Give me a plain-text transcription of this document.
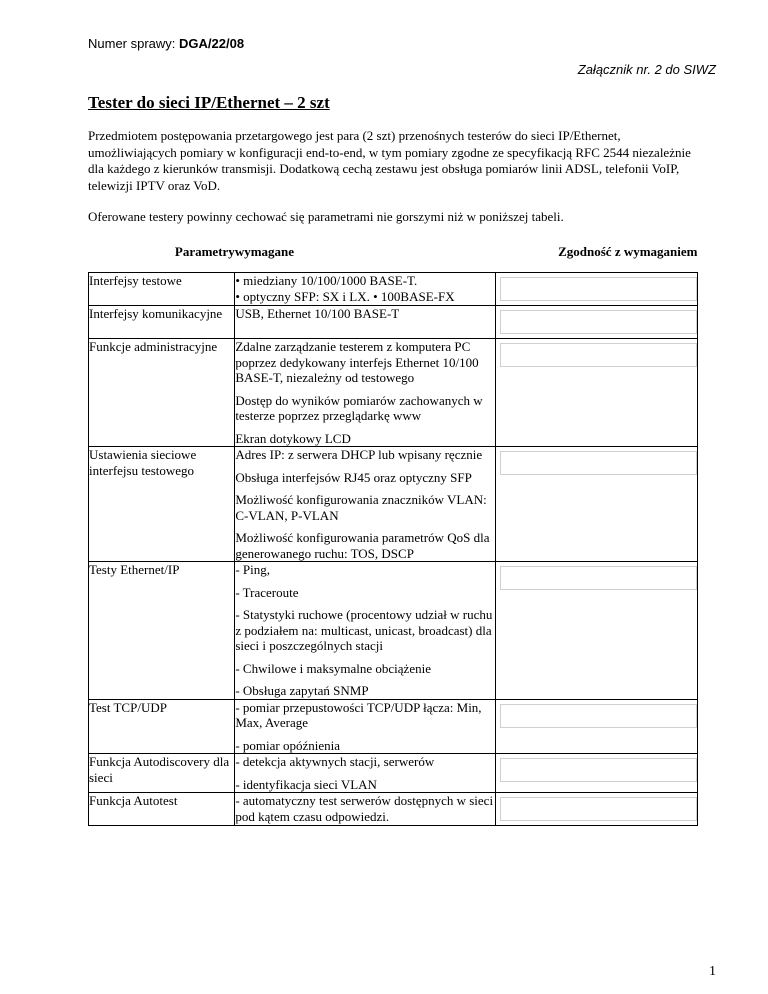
Numer sprawy: DGA/22/08
Załącznik nr. 2 do SIWZ
Tester do sieci IP/Ethernet – 2 szt

Przedmiotem postępowania przetargowego jest para (2 szt) przenośnych testerów do sieci IP/Ethernet, umożliwiających pomiary w konfiguracji end-to-end, w tym pomiary zgodne ze specyfikacją RFC 2544 niezależnie dla każdego z kierunków transmisji. Dodatkową cechą zestawu jest obsługa pomiarów linii ADSL, telefonii VoIP, telewizji IPTV oraz VoD.

Oferowane testery powinny cechować się parametrami nie gorszymi niż w poniższej tabeli.

Parametry	wymagane	Zgodność z wymaganiem
Interfejsy testowe	• miedziany 10/100/1000 BASE-T.
• optyczny SFP: SX i LX. • 100BASE-FX	

Interfejsy komunikacyjne	USB, Ethernet 10/100 BASE-T	

Funkcje administracyjne	Zdalne zarządzanie testerem z komputera PC poprzez dedykowany interfejs Ethernet 10/100 BASE-T, niezależny od testowego
Dostęp do wyników pomiarów zachowanych w testerze poprzez przeglądarkę www
Ekran dotykowy LCD	

Ustawienia sieciowe interfejsu testowego	Adres IP: z serwera DHCP lub wpisany ręcznie
Obsługa interfejsów RJ45 oraz optyczny SFP
Możliwość konfigurowania znaczników VLAN: C-VLAN, P-VLAN
Możliwość konfigurowania parametrów QoS dla generowanego ruchu: TOS, DSCP	

Testy Ethernet/IP	- Ping,
- Traceroute
- Statystyki ruchowe (procentowy udział w ruchu z podziałem na: multicast, unicast, broadcast) dla sieci i poszczególnych stacji
- Chwilowe i maksymalne obciążenie
- Obsługa zapytań SNMP	

Test TCP/UDP	- pomiar przepustowości TCP/UDP łącza: Min, Max, Average
- pomiar opóźnienia	

Funkcja Autodiscovery dla sieci	- detekcja aktywnych stacji, serwerów
- identyfikacja sieci VLAN	

Funkcja Autotest	- automatyczny test serwerów dostępnych w sieci pod kątem czasu odpowiedzi.	

1
